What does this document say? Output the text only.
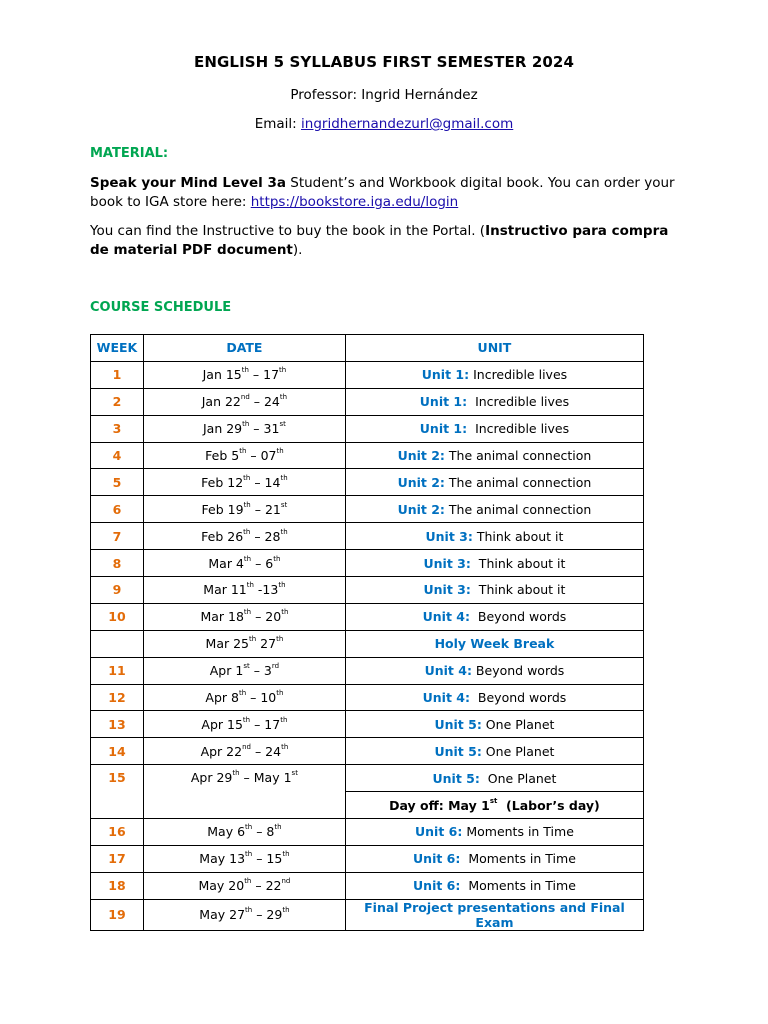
ENGLISH 5 SYLLABUS FIRST SEMESTER 2024
Professor: Ingrid Hernández
Email: ingridhernandezurl@gmail.com
MATERIAL:
Speak your Mind Level 3a Student’s and Workbook digital book. You can order your book to IGA store here: https://bookstore.iga.edu/login
You can find the Instructive to buy the book in the Portal. (Instructivo para compra de material PDF document).
COURSE SCHEDULE
WEEK	DATE	UNIT
1	Jan 15th – 17th	Unit 1: Incredible lives
2	Jan 22nd – 24th	Unit 1:  Incredible lives
3	Jan 29th – 31st	Unit 1:  Incredible lives
4	Feb 5th – 07th	Unit 2: The animal connection
5	Feb 12th – 14th	Unit 2: The animal connection
6	Feb 19th – 21st	Unit 2: The animal connection
7	Feb 26th – 28th	Unit 3: Think about it
8	Mar 4th – 6th	Unit 3:  Think about it
9	Mar 11th -13th	Unit 3:  Think about it
10	Mar 18th – 20th	Unit 4:  Beyond words
	Mar 25th 27th	Holy Week Break
11	Apr 1st – 3rd	Unit 4: Beyond words
12	Apr 8th – 10th	Unit 4:  Beyond words
13	Apr 15th – 17th	Unit 5: One Planet
14	Apr 22nd – 24th	Unit 5: One Planet
15	Apr 29th – May 1st	Unit 5:  One Planet
		Day off: May 1st  (Labor’s day)
16	May 6th – 8th	Unit 6: Moments in Time
17	May 13th – 15th	Unit 6:  Moments in Time
18	May 20th – 22nd	Unit 6:  Moments in Time
19	May 27th – 29th	Final Project presentations and Final Exam
